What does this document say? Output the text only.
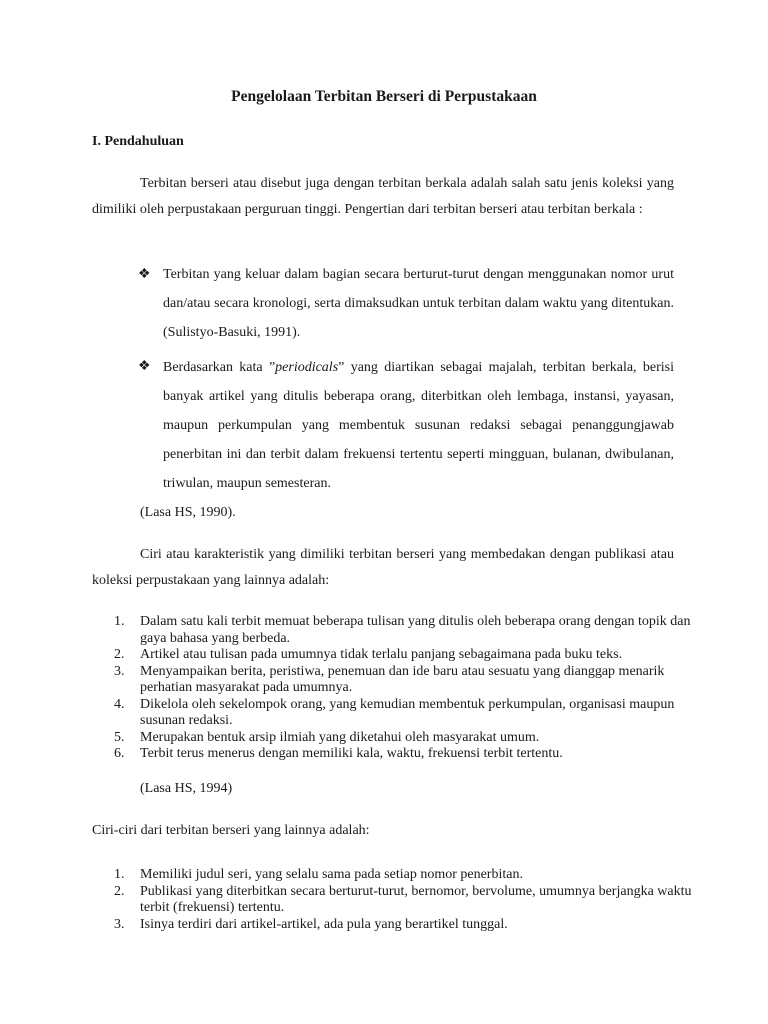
Pengelolaan Terbitan Berseri di Perpustakaan
I. Pendahuluan

Terbitan berseri atau disebut juga dengan terbitan berkala adalah salah satu jenis koleksi yang dimiliki oleh perpustakaan perguruan tinggi. Pengertian dari terbitan berseri atau terbitan berkala :

❖ Terbitan yang keluar dalam bagian secara berturut-turut dengan menggunakan nomor urut dan/atau secara kronologi, serta dimaksudkan untuk terbitan dalam waktu yang ditentukan. (Sulistyo-Basuki, 1991).

❖ Berdasarkan kata ”periodicals” yang diartikan sebagai majalah, terbitan berkala, berisi banyak artikel yang ditulis beberapa orang, diterbitkan oleh lembaga, instansi, yayasan, maupun perkumpulan yang membentuk susunan redaksi sebagai penanggungjawab penerbitan ini dan terbit dalam frekuensi tertentu seperti mingguan, bulanan, dwibulanan, triwulan, maupun semesteran.

(Lasa HS, 1990).

Ciri atau karakteristik yang dimiliki terbitan berseri yang membedakan dengan publikasi atau koleksi perpustakaan yang lainnya adalah:

1. Dalam satu kali terbit memuat beberapa tulisan yang ditulis oleh beberapa orang dengan topik dan gaya bahasa yang berbeda.
2. Artikel atau tulisan pada umumnya tidak terlalu panjang sebagaimana pada buku teks.
3. Menyampaikan berita, peristiwa, penemuan dan ide baru atau sesuatu yang dianggap menarik perhatian masyarakat pada umumnya.
4. Dikelola oleh sekelompok orang, yang kemudian membentuk perkumpulan, organisasi maupun susunan redaksi.
5. Merupakan bentuk arsip ilmiah yang diketahui oleh masyarakat umum.
6. Terbit terus menerus dengan memiliki kala, waktu, frekuensi terbit tertentu.
(Lasa HS, 1994)

Ciri-ciri dari terbitan berseri yang lainnya adalah:

1. Memiliki judul seri, yang selalu sama pada setiap nomor penerbitan.
2. Publikasi yang diterbitkan secara berturut-turut, bernomor, bervolume, umumnya berjangka waktu terbit (frekuensi) tertentu.
3. Isinya terdiri dari artikel-artikel, ada pula yang berartikel tunggal.
